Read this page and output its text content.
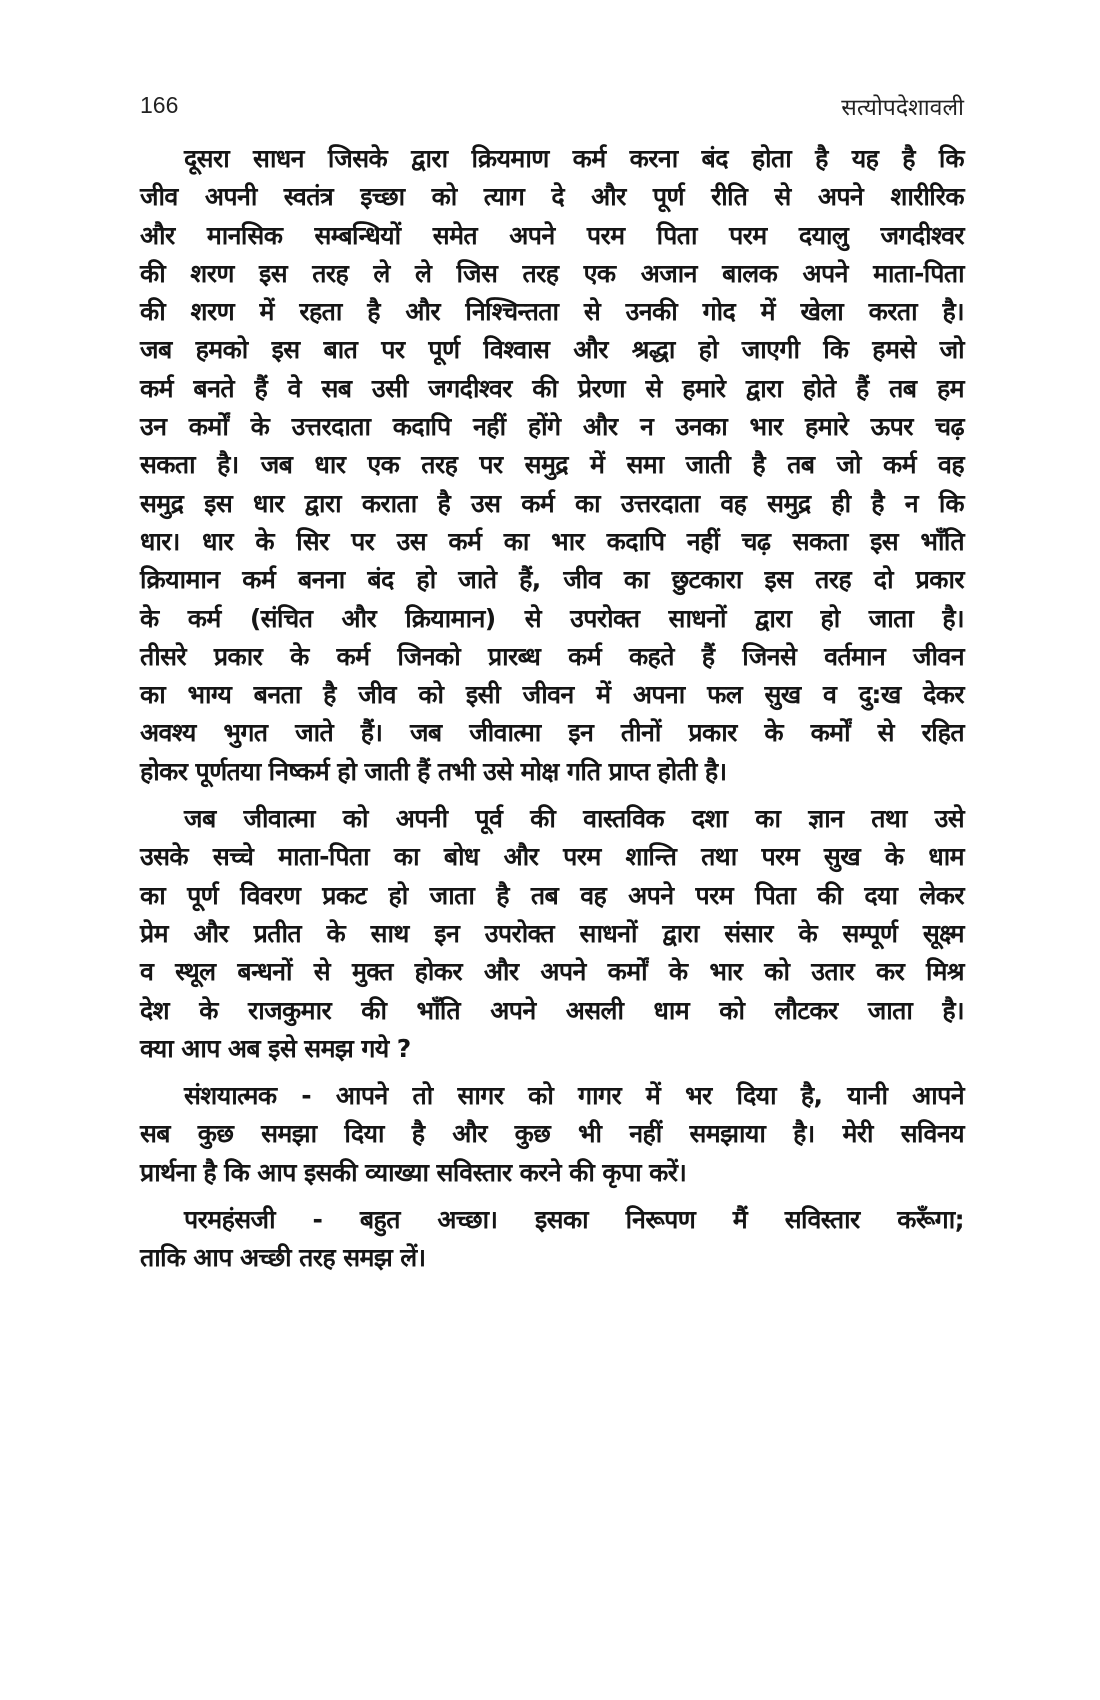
166	सत्योपदेशावली
दूसरा साधन जिसके द्वारा क्रियमाण कर्म करना बंद होता है यह है कि
जीव अपनी स्वतंत्र इच्छा को त्याग दे और पूर्ण रीति से अपने शारीरिक
और मानसिक सम्बन्धियों समेत अपने परम पिता परम दयालु जगदीश्वर
की शरण इस तरह ले ले जिस तरह एक अजान बालक अपने माता-पिता
की शरण में रहता है और निश्चिन्तता से उनकी गोद में खेला करता है।
जब हमको इस बात पर पूर्ण विश्वास और श्रद्धा हो जाएगी कि हमसे जो
कर्म बनते हैं वे सब उसी जगदीश्वर की प्रेरणा से हमारे द्वारा होते हैं तब हम
उन कर्मों के उत्तरदाता कदापि नहीं होंगे और न उनका भार हमारे ऊपर चढ़
सकता है। जब धार एक तरह पर समुद्र में समा जाती है तब जो कर्म वह
समुद्र इस धार द्वारा कराता है उस कर्म का उत्तरदाता वह समुद्र ही है न कि
धार। धार के सिर पर उस कर्म का भार कदापि नहीं चढ़ सकता इस भाँति
क्रियामान कर्म बनना बंद हो जाते हैं, जीव का छुटकारा इस तरह दो प्रकार
के कर्म (संचित और क्रियामान) से उपरोक्त साधनों द्वारा हो जाता है।
तीसरे प्रकार के कर्म जिनको प्रारब्ध कर्म कहते हैं जिनसे वर्तमान जीवन
का भाग्य बनता है जीव को इसी जीवन में अपना फल सुख व दु:ख देकर
अवश्य भुगत जाते हैं। जब जीवात्मा इन तीनों प्रकार के कर्मों से रहित
होकर पूर्णतया निष्कर्म हो जाती हैं तभी उसे मोक्ष गति प्राप्त होती है।
जब जीवात्मा को अपनी पूर्व की वास्तविक दशा का ज्ञान तथा उसे
उसके सच्चे माता-पिता का बोध और परम शान्ति तथा परम सुख के धाम
का पूर्ण विवरण प्रकट हो जाता है तब वह अपने परम पिता की दया लेकर
प्रेम और प्रतीत के साथ इन उपरोक्त साधनों द्वारा संसार के सम्पूर्ण सूक्ष्म
व स्थूल बन्धनों से मुक्त होकर और अपने कर्मों के भार को उतार कर मिश्र
देश के राजकुमार की भाँति अपने असली धाम को लौटकर जाता है।
क्या आप अब इसे समझ गये ?
संशयात्मक - आपने तो सागर को गागर में भर दिया है, यानी आपने
सब कुछ समझा दिया है और कुछ भी नहीं समझाया है। मेरी सविनय
प्रार्थना है कि आप इसकी व्याख्या सविस्तार करने की कृपा करें।
परमहंसजी - बहुत अच्छा। इसका निरूपण मैं सविस्तार करूँगा;
ताकि आप अच्छी तरह समझ लें।
